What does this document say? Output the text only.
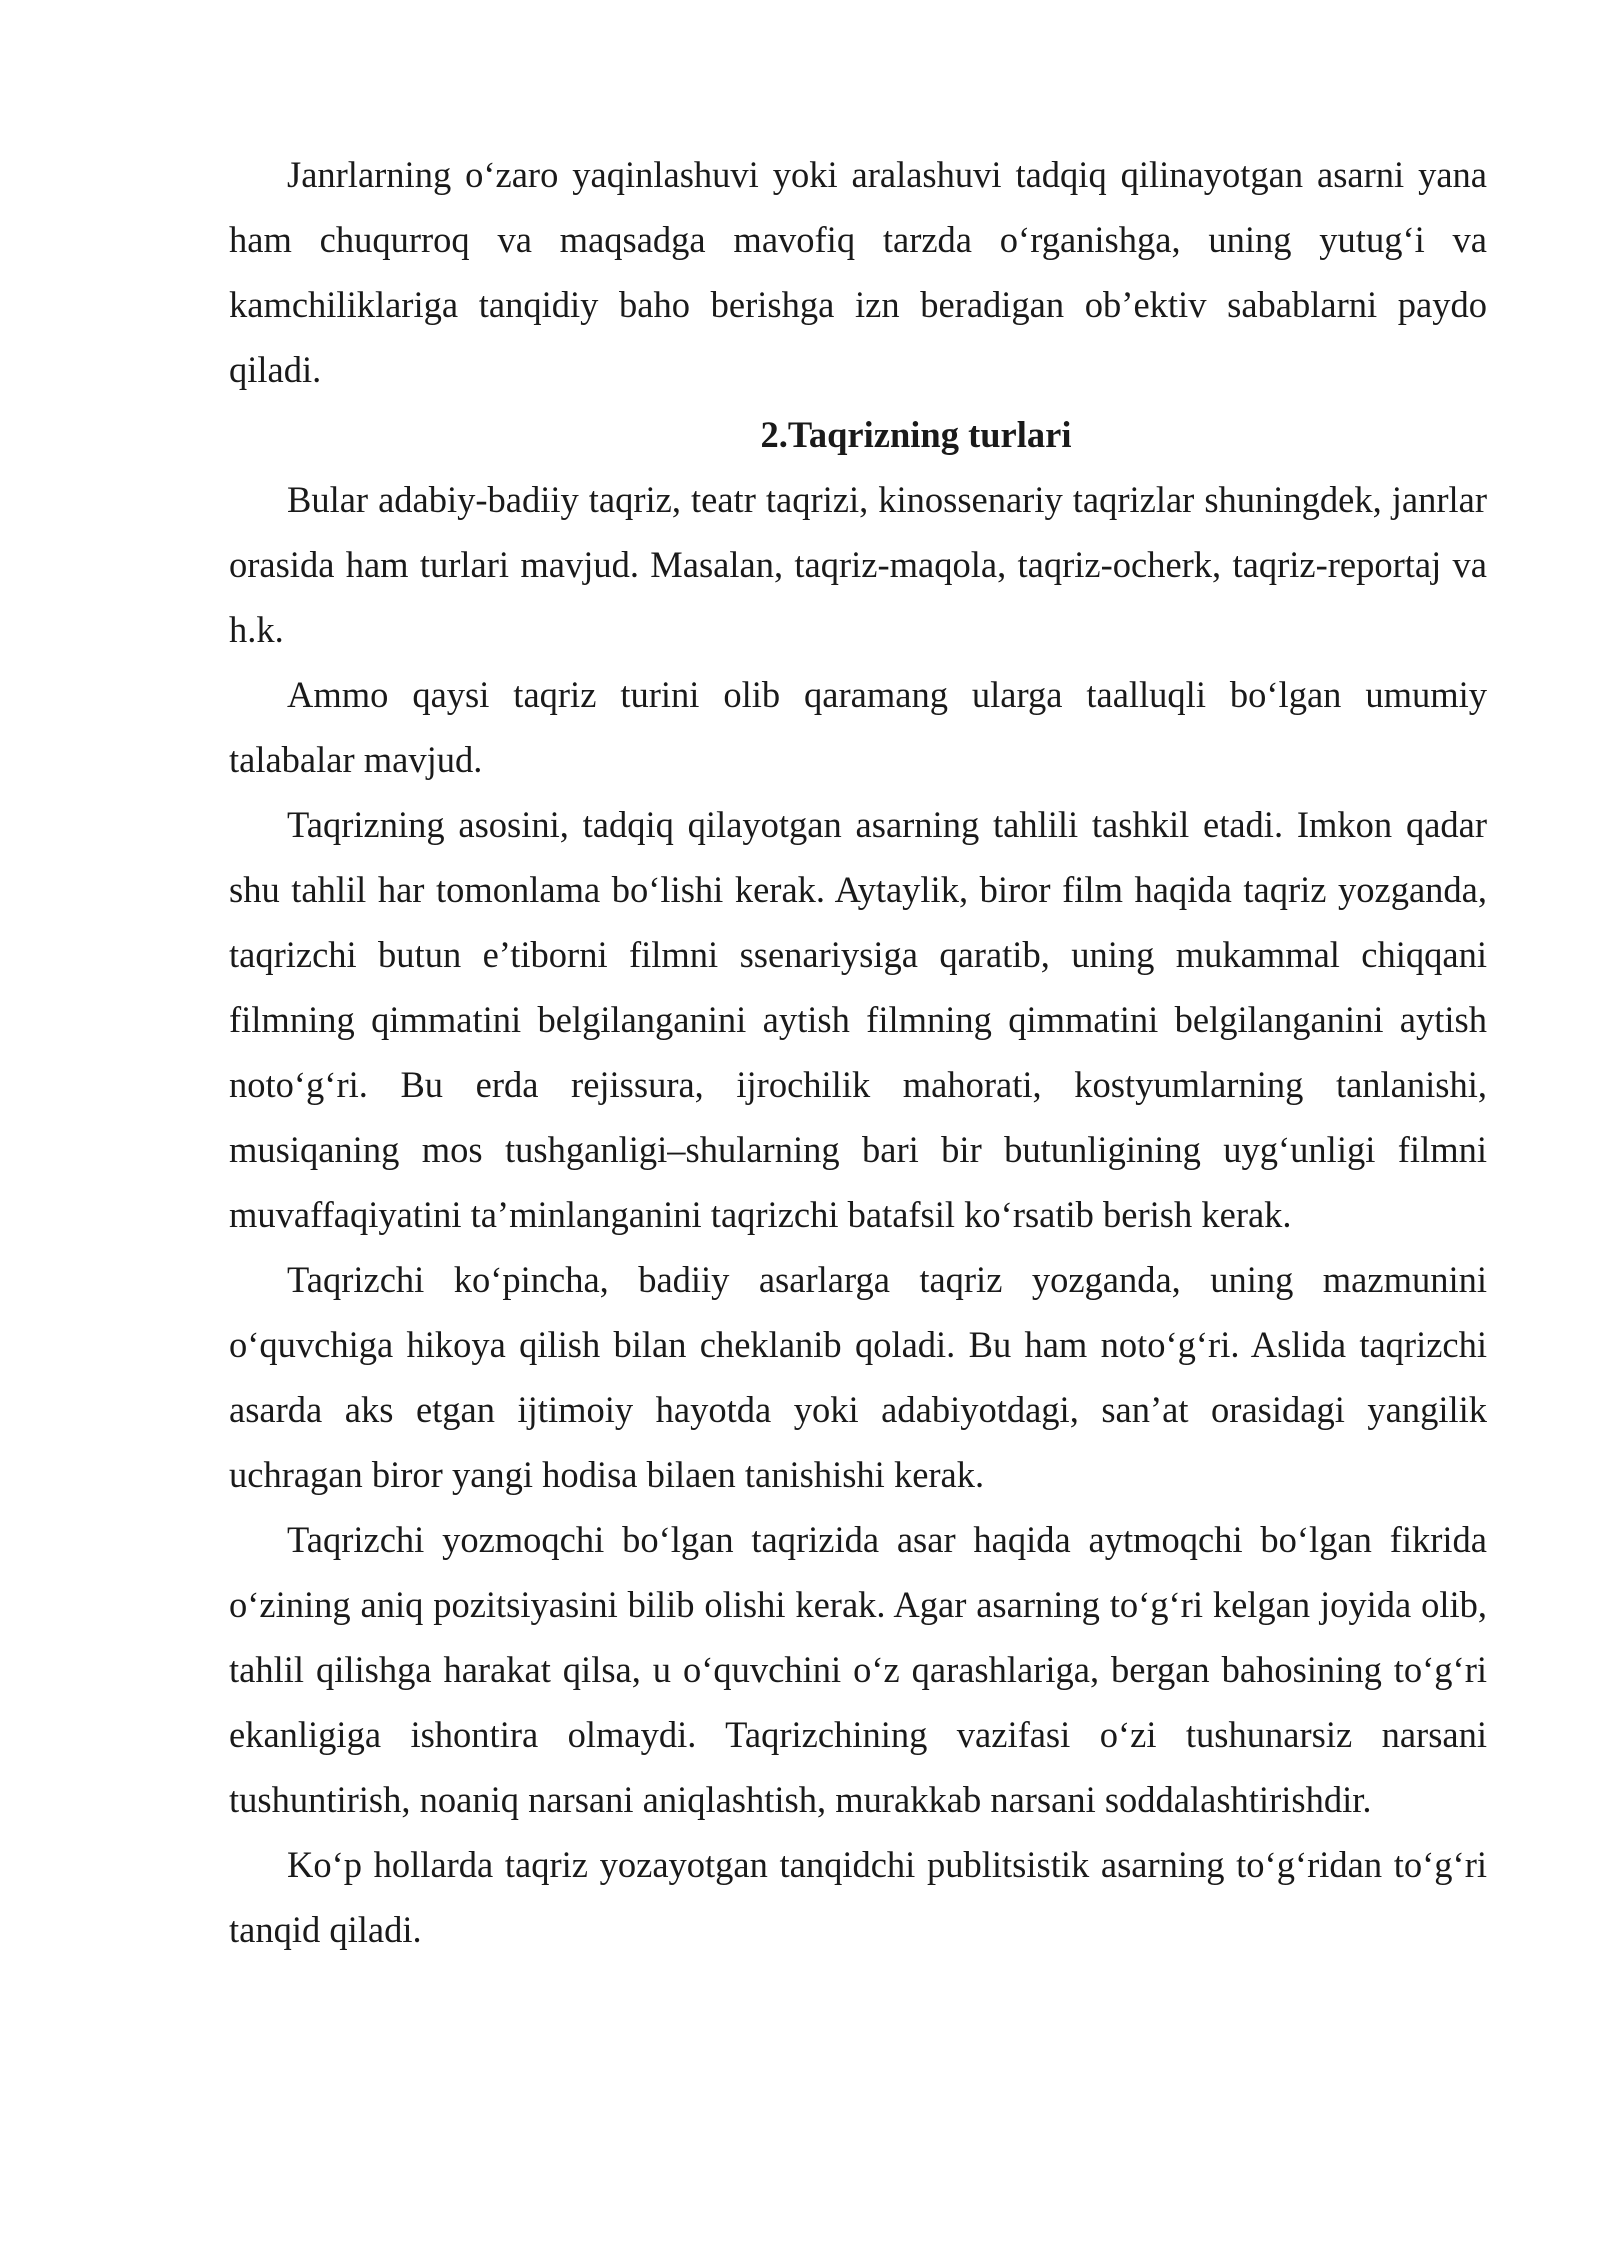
Janrlarning o‘zaro yaqinlashuvi yoki aralashuvi tadqiq qilinayotgan asarni yana ham chuqurroq va maqsadga mavofiq tarzda o‘rganishga, uning yutug‘i va kamchiliklariga tanqidiy baho berishga izn beradigan ob’ektiv sabablarni paydo qiladi.

2.Taqrizning turlari

Bular adabiy-badiiy taqriz, teatr taqrizi, kinossenariy taqrizlar shuningdek, janrlar orasida ham turlari mavjud. Masalan, taqriz-maqola, taqriz-ocherk, taqriz-reportaj va h.k.

Ammo qaysi taqriz turini olib qaramang ularga taalluqli bo‘lgan umumiy talabalar mavjud.

Taqrizning asosini, tadqiq qilayotgan asarning tahlili tashkil etadi. Imkon qadar shu tahlil har tomonlama bo‘lishi kerak. Aytaylik, biror film haqida taqriz yozganda, taqrizchi butun e’tiborni filmni ssenariysiga qaratib, uning mukammal chiqqani filmning qimmatini belgilanganini aytish filmning qimmatini belgilanganini aytish noto‘g‘ri. Bu erda rejissura, ijrochilik mahorati, kostyumlarning tanlanishi, musiqaning mos tushganligi–shularning bari bir butunligining uyg‘unligi filmni muvaffaqiyatini ta’minlanganini taqrizchi batafsil ko‘rsatib berish kerak.

Taqrizchi ko‘pincha, badiiy asarlarga taqriz yozganda, uning mazmunini o‘quvchiga hikoya qilish bilan cheklanib qoladi. Bu ham noto‘g‘ri. Aslida taqrizchi asarda aks etgan ijtimoiy hayotda yoki adabiyotdagi, san’at orasidagi yangilik uchragan biror yangi hodisa bilaen tanishishi kerak.

Taqrizchi yozmoqchi bo‘lgan taqrizida asar haqida aytmoqchi bo‘lgan fikrida o‘zining aniq pozitsiyasini bilib olishi kerak. Agar asarning to‘g‘ri kelgan joyida olib, tahlil qilishga harakat qilsa, u o‘quvchini o‘z qarashlariga, bergan bahosining to‘g‘ri ekanligiga ishontira olmaydi. Taqrizchining vazifasi o‘zi tushunarsiz narsani tushuntirish, noaniq narsani aniqlashtish, murakkab narsani soddalashtirishdir.

Ko‘p hollarda taqriz yozayotgan tanqidchi publitsistik asarning to‘g‘ridan to‘g‘ri tanqid qiladi.
